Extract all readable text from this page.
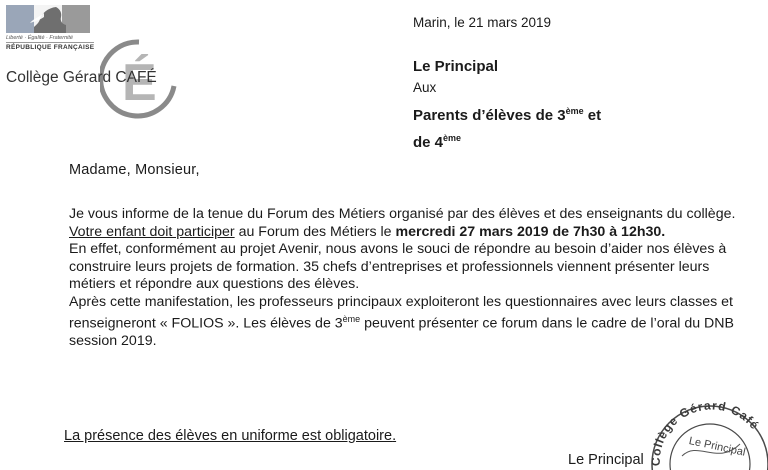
Liberté · Égalité · Fraternité
RÉPUBLIQUE FRANÇAISE
É
Collège Gérard CAFÉ
Marin, le 21 mars 2019
Le Principal
Aux
Parents d’élèves de 3ème et
de 4ème
Madame, Monsieur,

Je vous informe de la tenue du Forum des Métiers organisé par des élèves et des enseignants du collège.

Votre enfant doit participer au Forum des Métiers le mercredi 27 mars 2019 de 7h30 à 12h30.

En effet, conformément au projet Avenir, nous avons le souci de répondre au besoin d’aider nos élèves à construire leurs projets de formation. 35 chefs d’entreprises et professionnels viennent présenter leurs métiers et répondre aux questions des élèves.

Après cette manifestation, les professeurs principaux exploiteront les questionnaires avec leurs classes et renseigneront « FOLIOS ». Les élèves de 3ème peuvent présenter ce forum dans le cadre de l’oral du DNB session 2019.

La présence des élèves en uniforme est obligatoire.
Le Principal Collège Gérard Café
Le Principal
